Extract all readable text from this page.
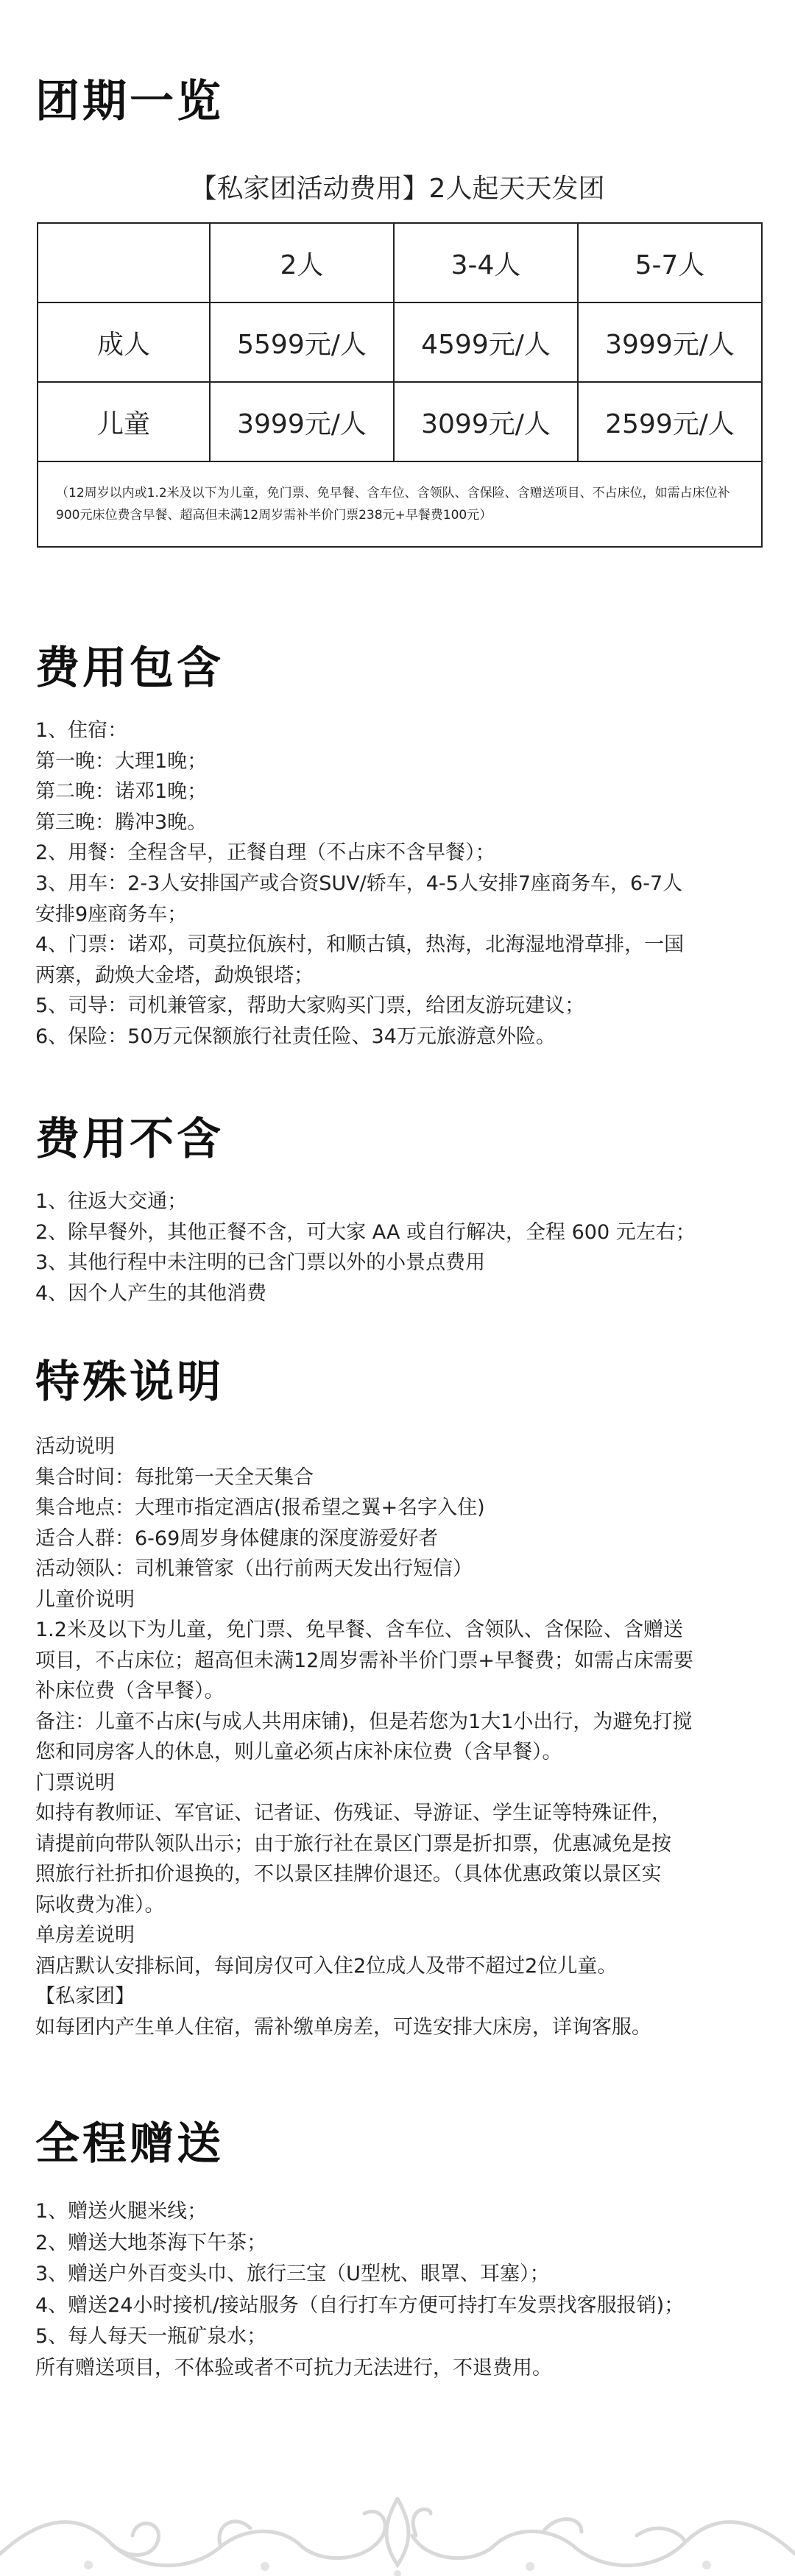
团期一览
【私家团活动费用】2人起天天发团
	2人	3-4人	5-7人
成人	5599元/人	4599元/人	3999元/人
儿童	3999元/人	3099元/人	2599元/人
（12周岁以内或1.2米及以下为儿童，免门票、免早餐、含车位、含领队、含保险、含赠送项目、不占床位，如需占床位补900元床位费含早餐、超高但未满12周岁需补半价门票238元+早餐费100元）			
费用包含

1、住宿：

第一晚：大理1晚；

第二晚：诺邓1晚；

第三晚：腾冲3晚。

2、用餐：全程含早，正餐自理（不占床不含早餐）；

3、用车：2-3人安排国产或合资SUV/轿车，4-5人安排7座商务车，6-7人

安排9座商务车；

4、门票：诺邓，司莫拉佤族村，和顺古镇，热海，北海湿地滑草排，一国

两寨，勐焕大金塔，勐焕银塔；

5、司导：司机兼管家，帮助大家购买门票，给团友游玩建议；

6、保险：50万元保额旅行社责任险、34万元旅游意外险。

费用不含

1、往返大交通；

2、除早餐外，其他正餐不含，可大家 AA 或自行解决，全程 600 元左右；

3、其他行程中未注明的已含门票以外的小景点费用

4、因个人产生的其他消费

特殊说明

活动说明

集合时间：每批第一天全天集合

集合地点：大理市指定酒店(报希望之翼+名字入住)

适合人群：6-69周岁身体健康的深度游爱好者

活动领队：司机兼管家（出行前两天发出行短信）

儿童价说明

1.2米及以下为儿童，免门票、免早餐、含车位、含领队、含保险、含赠送

项目，不占床位；超高但未满12周岁需补半价门票+早餐费；如需占床需要

补床位费（含早餐）。

备注：儿童不占床(与成人共用床铺)，但是若您为1大1小出行，为避免打搅

您和同房客人的休息，则儿童必须占床补床位费（含早餐）。

门票说明

如持有教师证、军官证、记者证、伤残证、导游证、学生证等特殊证件，

请提前向带队领队出示；由于旅行社在景区门票是折扣票，优惠减免是按

照旅行社折扣价退换的，不以景区挂牌价退还。（具体优惠政策以景区实

际收费为准）。

单房差说明

酒店默认安排标间，每间房仅可入住2位成人及带不超过2位儿童。

【私家团】

如每团内产生单人住宿，需补缴单房差，可选安排大床房，详询客服。

全程赠送

1、赠送火腿米线；

2、赠送大地茶海下午茶；

3、赠送户外百变头巾、旅行三宝（U型枕、眼罩、耳塞）；

4、赠送24小时接机/接站服务（自行打车方便可持打车发票找客服报销)；

5、每人每天一瓶矿泉水；

所有赠送项目，不体验或者不可抗力无法进行，不退费用。
